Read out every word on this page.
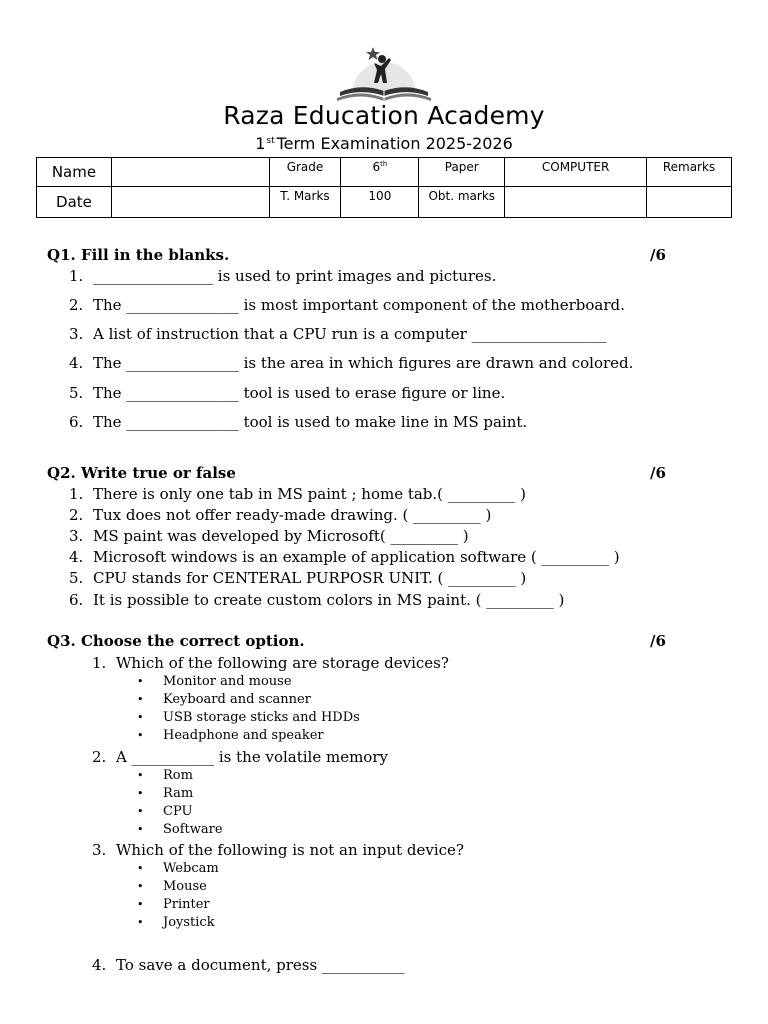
Raza Education Academy
1st Term Examination 2025-2026
Name		Grade	6th	Paper	COMPUTER	Remarks
Date		T. Marks	100	Obt. marks		
Q1. Fill in the blanks.	/6
1. ________________ is used to print images and pictures.
2. The _______________ is most important component of the motherboard.
3. A list of instruction that a CPU run is a computer __________________
4. The _______________ is the area in which figures are drawn and colored.
5. The _______________ tool is used to erase figure or line.
6. The _______________ tool is used to make line in MS paint.
Q2. Write true or false	/6
1. There is only one tab in MS paint ; home tab.( _________ )
2. Tux does not offer ready-made drawing. ( _________ )
3. MS paint was developed by Microsoft( _________ )
4. Microsoft windows is an example of application software ( _________ )
5. CPU stands for CENTERAL PURPOSR UNIT. ( _________ )
6. It is possible to create custom colors in MS paint. ( _________ )
Q3. Choose the correct option.	/6
1. Which of the following are storage devices?
• Monitor and mouse
• Keyboard and scanner
• USB storage sticks and HDDs
• Headphone and speaker
2. A ___________ is the volatile memory
• Rom
• Ram
• CPU
• Software
3. Which of the following is not an input device?
• Webcam
• Mouse
• Printer
• Joystick
4. To save a document, press ___________
